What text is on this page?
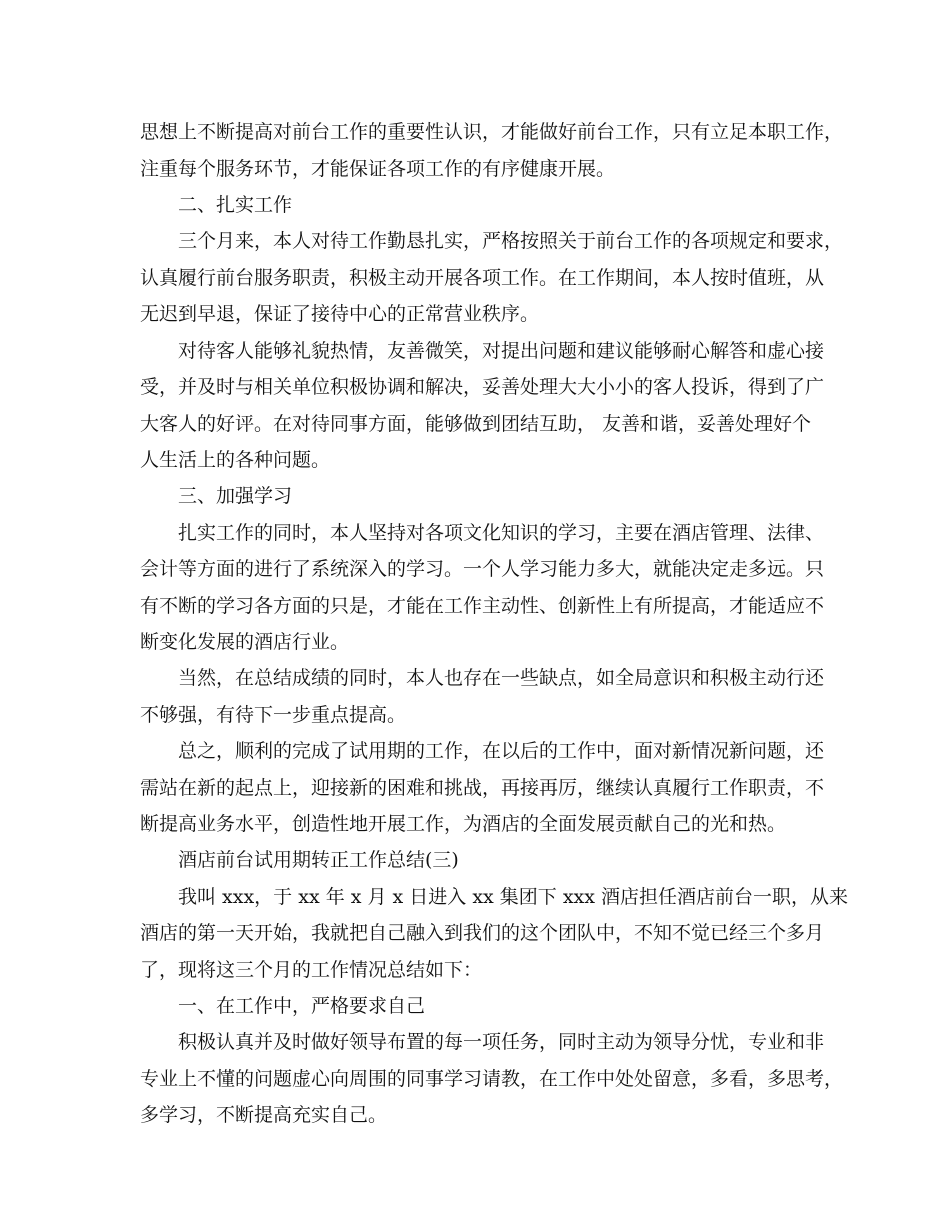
思想上不断提高对前台工作的重要性认识，才能做好前台工作，只有立足本职工作，

注重每个服务环节，才能保证各项工作的有序健康开展。

二、扎实工作

三个月来，本人对待工作勤恳扎实，严格按照关于前台工作的各项规定和要求，

认真履行前台服务职责，积极主动开展各项工作。在工作期间，本人按时值班，从

无迟到早退，保证了接待中心的正常营业秩序。

对待客人能够礼貌热情，友善微笑，对提出问题和建议能够耐心解答和虚心接

受，并及时与相关单位积极协调和解决，妥善处理大大小小的客人投诉，得到了广

大客人的好评。在对待同事方面，能够做到团结互助， 友善和谐，妥善处理好个

人生活上的各种问题。

三、加强学习

扎实工作的同时，本人坚持对各项文化知识的学习，主要在酒店管理、法律、

会计等方面的进行了系统深入的学习。一个人学习能力多大，就能决定走多远。只

有不断的学习各方面的只是，才能在工作主动性、创新性上有所提高，才能适应不

断变化发展的酒店行业。

当然，在总结成绩的同时，本人也存在一些缺点，如全局意识和积极主动行还

不够强，有待下一步重点提高。

总之，顺利的完成了试用期的工作，在以后的工作中，面对新情况新问题，还

需站在新的起点上，迎接新的困难和挑战，再接再厉，继续认真履行工作职责，不

断提高业务水平，创造性地开展工作，为酒店的全面发展贡献自己的光和热。

酒店前台试用期转正工作总结(三)

我叫 xxx，于 xx 年 x 月 x 日进入 xx 集团下 xxx 酒店担任酒店前台一职，从来

酒店的第一天开始，我就把自己融入到我们的这个团队中，不知不觉已经三个多月

了，现将这三个月的工作情况总结如下：

一、在工作中，严格要求自己

积极认真并及时做好领导布置的每一项任务，同时主动为领导分忧，专业和非

专业上不懂的问题虚心向周围的同事学习请教，在工作中处处留意，多看，多思考，

多学习，不断提高充实自己。
